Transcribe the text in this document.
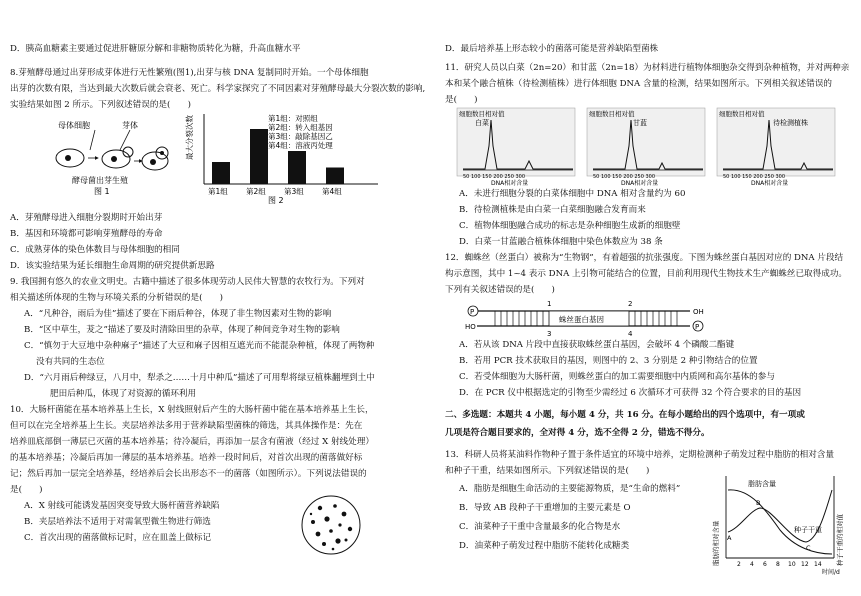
D．胰高血糖素主要通过促进肝糖原分解和非糖物质转化为糖，升高血糖水平
8.芽殖酵母通过出芽形成芽体进行无性繁殖(图1),出芽与核 DNA 复制同时开始。一个母体细胞
出芽的次数有限，当达到最大次数后就会衰老、死亡。科学家探究了不同因素对芽殖酵母最大分裂次数的影响,
实验结果如图 2 所示。下列叙述错误的是(　　)
母体细胞	芽体
酵母菌出芽生殖
图 1
最大分裂次数
第1组 第2组 第3组 第4组
图 2
第1组：对照组
第2组：转入组基因
第3组：敲除基因乙
第4组：溶液丙处理
A．芽殖酵母进入细胞分裂期时开始出芽
B．基因和环境都可影响芽殖酵母的寿命
C．成熟芽体的染色体数目与母体细胞的相同
D．该实验结果为延长细胞生命周期的研究提供新思路
9. 我国拥有悠久的农业文明史。古籍中描述了很多体现劳动人民伟大智慧的农牧行为。下列对
相关描述所体现的生物与环境关系的分析错误的是(　　)
A．“凡种谷，雨后为佳”描述了要在下雨后种谷，体现了非生物因素对生物的影响
B．“区中草生，茇之”描述了要及时清除田里的杂草，体现了种间竞争对生物的影响
C．“慎勿于大豆地中杂种麻子”描述了大豆和麻子因相互遮光而不能混杂种植，体现了两物种
没有共同的生态位
D．“六月雨后种绿豆，八月中，犁杀之……十月中种瓜”描述了可用犁将绿豆植株翻埋到土中
肥田后种瓜，体现了对资源的循环利用
10．大肠杆菌能在基本培养基上生长，X 射线照射后产生的大肠杆菌中能在基本培养基上生长，
但可以在完全培养基上生长。夹层培养法多用于营养缺陷型菌株的筛选，其具体操作是：先在
培养皿底部倒一薄层已灭菌的基本培养基；待冷凝后，再添加一层含有菌液（经过 X 射线处理）
的基本培养基；冷凝后再加一薄层的基本培养基。培养一段时间后，对首次出现的菌落做好标
记；然后再加一层完全培养基，经培养后会长出形态不一的菌落（如图所示）。下列说法错误的
是(　　)
A．X 射线可能诱发基因突变导致大肠杆菌营养缺陷
B．夹层培养法不适用于对需氧型微生物进行筛选
C．首次出现的菌落做标记时，应在皿盖上做标记
D．最后培养基上形态较小的菌落可能是营养缺陷型菌株
11．研究人员以白菜（2n=20）和甘蓝（2n=18）为材料进行植物体细胞杂交得到杂种植物，并对两种亲
本和某个融合植株（待检测植株）进行体细胞 DNA 含量的检测，结果如图所示。下列相关叙述错误的
是(　　)
细胞数目相对值
白菜
50 100 150 200 250 300
DNA相对含量
细胞数目相对值
甘蓝
50 100 150 200 250 300
DNA相对含量
细胞数目相对值
待检测植株
50 100 150 200 250 300
DNA相对含量
A．未进行细胞分裂的白菜体细胞中 DNA 相对含量约为 60
B．待检测植株是由白菜一白菜细胞融合发育而来
C．植物体细胞融合成功的标志是杂种细胞生成新的细胞壁
D．白菜一甘蓝融合植株体细胞中染色体数应为 38 条
12．蜘蛛丝（丝蛋白）被称为“生物钢”，有着超强的抗张强度。下图为蛛丝蛋白基因对应的 DNA 片段结
构示意图，其中 1~4 表示 DNA 上引物可能结合的位置，目前利用现代生物技术生产蜘蛛丝已取得成功。
下列有关叙述错误的是(　　)
P	OH
HO	P
蛛丝蛋白基因
1	2
3	4
A．若从该 DNA 片段中直接获取蛛丝蛋白基因，会破坏 4 个磷酸二酯键
B．若用 PCR 技术获取目的基因，则图中的 2、3 分别是 2 种引物结合的位置
C．若受体细胞为大肠杆菌，则蛛丝蛋白的加工需要细胞中内质网和高尔基体的参与
D．在 PCR 仪中根据选定的引物至少需经过 6 次循环才可获得 32 个符合要求的目的基因
二、多选题：本题共 4 小题，每小题 4 分，共 16 分。在每小题给出的四个选项中，有一项或
几项是符合题目要求的，全对得 4 分，选不全得 2 分，错选不得分。
13．科研人员将某油料作物种子置于条件适宜的环境中培养，定期检测种子萌发过程中脂肪的相对含量
和种子干重，结果如图所示。下列叙述错误的是(　　)
A．脂肪是细胞生命活动的主要能源物质，是“生命的燃料”
B．导致 AB 段种子干重增加的主要元素是 O
C．油菜种子干重中含量最多的化合物是水
D．油菜种子萌发过程中脂肪不能转化成糖类	脂肪的相对含量	种子干重的相对值
脂肪含量
种子干重
A
B
C
2 4 6 8 10 12 14
时间/d
